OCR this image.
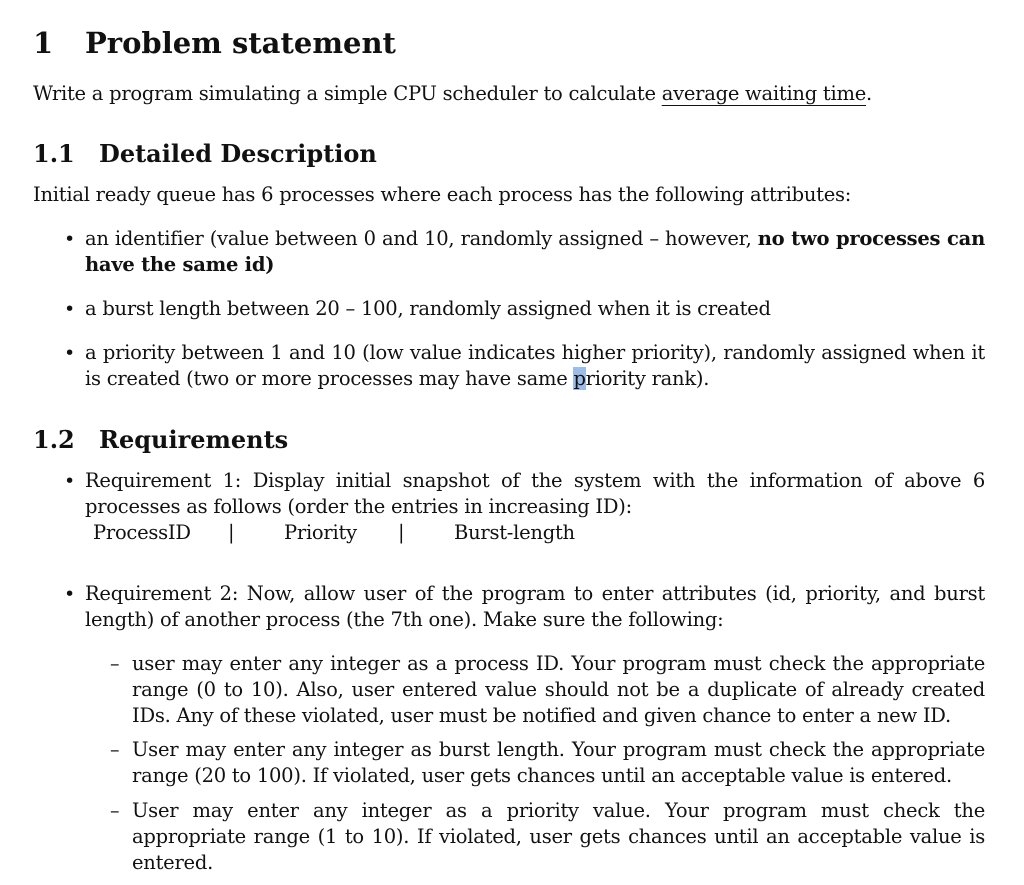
1 Problem statement
Write a program simulating a simple CPU scheduler to calculate average waiting time.
1.1 Detailed Description
Initial ready queue has 6 processes where each process has the following attributes:
• an identifier (value between 0 and 10, randomly assigned – however, no two processes can have the same id)
• a burst length between 20 – 100, randomly assigned when it is created
• a priority between 1 and 10 (low value indicates higher priority), randomly assigned when it is created (two or more processes may have same priority rank).
1.2 Requirements
• Requirement 1: Display initial snapshot of the system with the information of above 6 processes as follows (order the entries in increasing ID):
ProcessID |	Priority |	Burst-length
• Requirement 2: Now, allow user of the program to enter attributes (id, priority, and burst length) of another process (the 7th one). Make sure the following:
– user may enter any integer as a process ID. Your program must check the appropriate range (0 to 10). Also, user entered value should not be a duplicate of already created IDs. Any of these violated, user must be notified and given chance to enter a new ID.
– User may enter any integer as burst length. Your program must check the appropriate range (20 to 100). If violated, user gets chances until an acceptable value is entered.
– User may enter any integer as a priority value. Your program must check the appropriate range (1 to 10). If violated, user gets chances until an acceptable value is entered.
